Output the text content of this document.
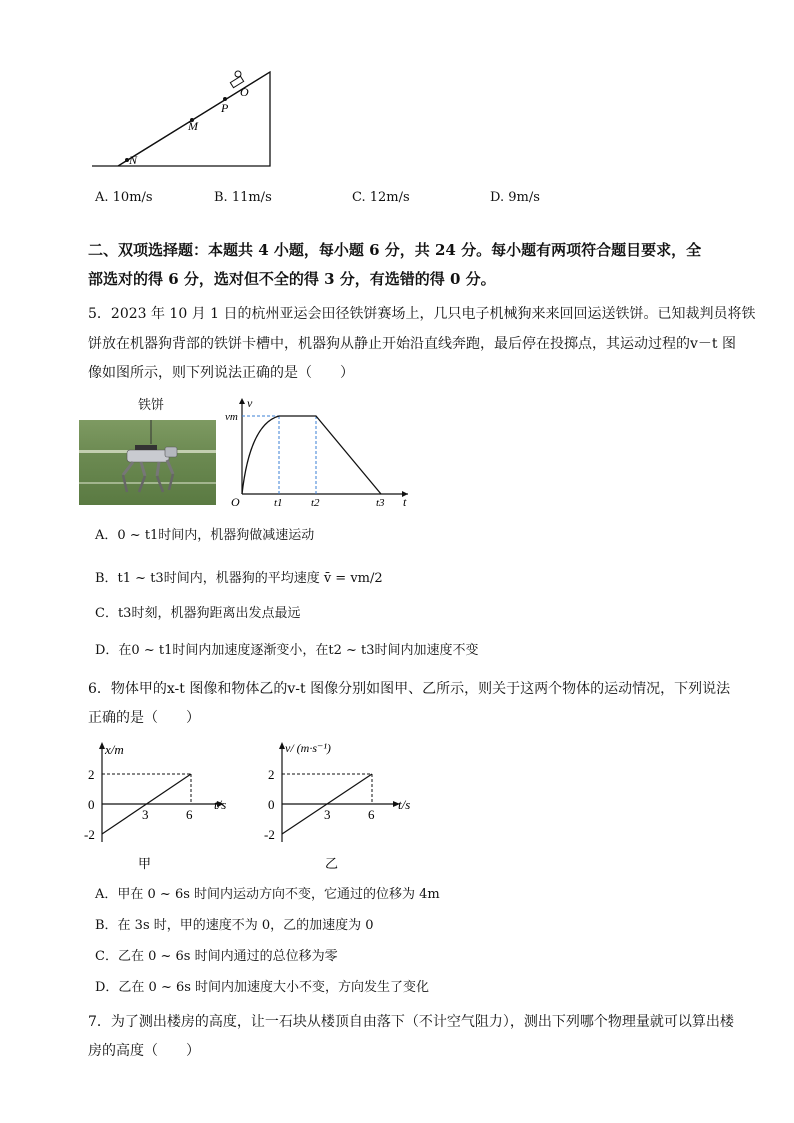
O
P
M
N
A. 10m/s	B. 11m/s	C. 12m/s	D. 9m/s
二、双项选择题：本题共 4 小题，每小题 6 分，共 24 分。每小题有两项符合题目要求，全
部选对的得 6 分，选对但不全的得 3 分，有选错的得 0 分。
5．2023 年 10 月 1 日的杭州亚运会田径铁饼赛场上，几只电子机械狗来来回回运送铁饼。已知裁判员将铁
饼放在机器狗背部的铁饼卡槽中，机器狗从静止开始沿直线奔跑，最后停在投掷点，其运动过程的v－t 图
像如图所示，则下列说法正确的是（　　）
铁饼	v
vm
O	t1	t2	t3 t
A．0 ~ t1时间内，机器狗做减速运动
B．t1 ~ t3时间内，机器狗的平均速度 v̄ = vm/2
C．t3时刻，机器狗距离出发点最远
D．在0 ~ t1时间内加速度逐渐变小，在t2 ~ t3时间内加速度不变
6．物体甲的x-t 图像和物体乙的v-t 图像分别如图甲、乙所示，则关于这两个物体的运动情况，下列说法
正确的是（　　）
x/m
2
0
-2
3	6
t/s
甲
v/ (m·s⁻¹)
2
0
-2
3	6
t/s
乙
A．甲在 0 ~ 6s 时间内运动方向不变，它通过的位移为 4m
B．在 3s 时，甲的速度不为 0，乙的加速度为 0
C．乙在 0 ~ 6s 时间内通过的总位移为零
D．乙在 0 ~ 6s 时间内加速度大小不变，方向发生了变化
7．为了测出楼房的高度，让一石块从楼顶自由落下（不计空气阻力），测出下列哪个物理量就可以算出楼
房的高度（　　）
